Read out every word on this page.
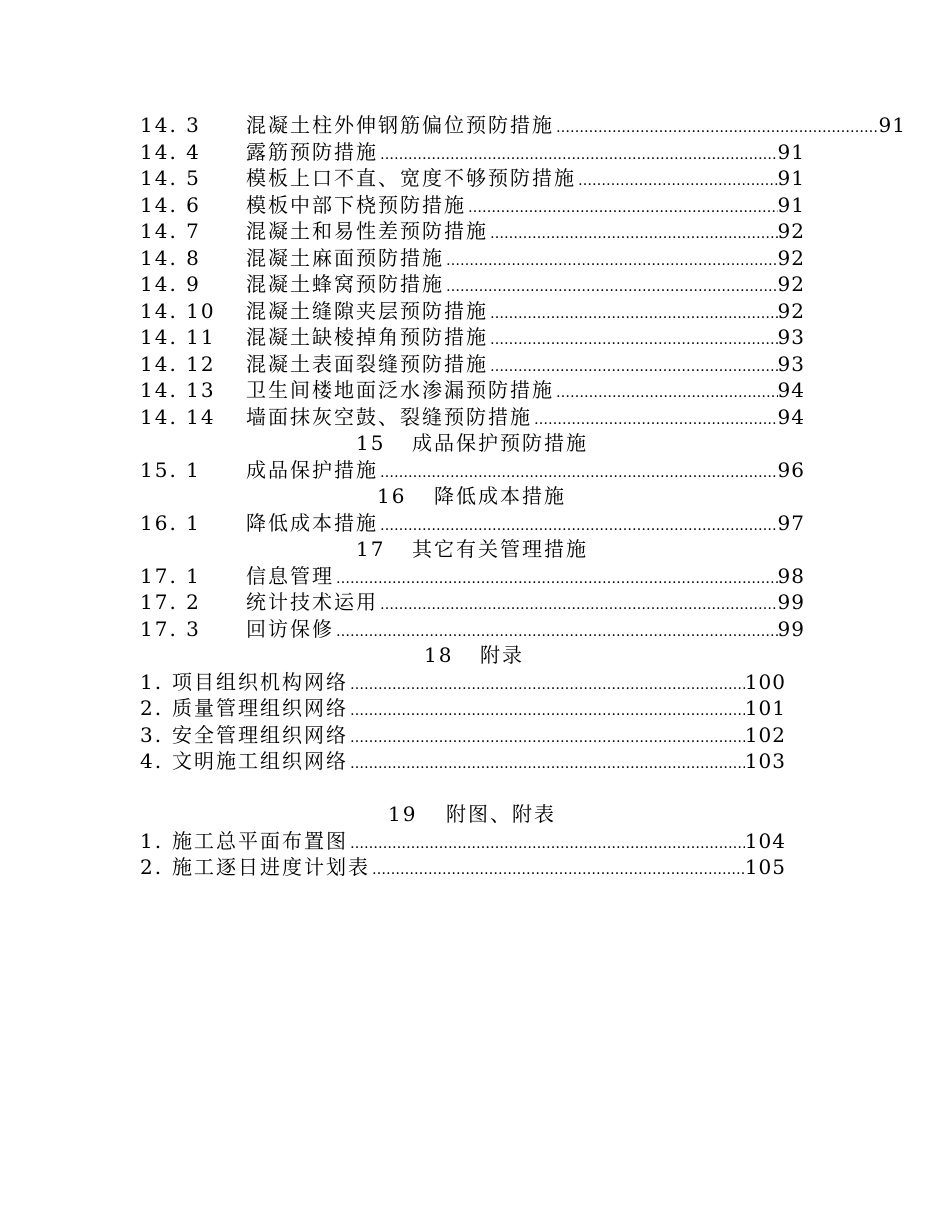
14. 3 混凝土柱外伸钢筋偏位预防措施 ……………………………………………………………………………………………………………………………………………………………………	91
14. 4 露筋预防措施 ……………………………………………………………………………………………………………………………………………………………………	91
14. 5 模板上口不直、宽度不够预防措施 ……………………………………………………………………………………………………………………………………………………………………	91
14. 6 模板中部下桡预防措施 ……………………………………………………………………………………………………………………………………………………………………	91
14. 7 混凝土和易性差预防措施 ……………………………………………………………………………………………………………………………………………………………………	92
14. 8 混凝土麻面预防措施 ……………………………………………………………………………………………………………………………………………………………………	92
14. 9 混凝土蜂窝预防措施 ……………………………………………………………………………………………………………………………………………………………………	92
14. 10 混凝土缝隙夹层预防措施 ……………………………………………………………………………………………………………………………………………………………………	92
14. 11 混凝土缺棱掉角预防措施 ……………………………………………………………………………………………………………………………………………………………………	93
14. 12 混凝土表面裂缝预防措施 ……………………………………………………………………………………………………………………………………………………………………	93
14. 13 卫生间楼地面泛水渗漏预防措施 ……………………………………………………………………………………………………………………………………………………………………	94
14. 14 墙面抹灰空鼓、裂缝预防措施 ……………………………………………………………………………………………………………………………………………………………………	94
15 成品保护预防措施
15. 1 成品保护措施 ……………………………………………………………………………………………………………………………………………………………………	96
16 降低成本措施
16. 1 降低成本措施 ……………………………………………………………………………………………………………………………………………………………………	97
17 其它有关管理措施
17. 1 信息管理 ……………………………………………………………………………………………………………………………………………………………………	98
17. 2 统计技术运用 ……………………………………………………………………………………………………………………………………………………………………	99
17. 3 回访保修 ……………………………………………………………………………………………………………………………………………………………………	99
18 附录
1. 项目组织机构网络 ……………………………………………………………………………………………………………………………………………………………………	100
2. 质量管理组织网络 ……………………………………………………………………………………………………………………………………………………………………	101
3. 安全管理组织网络 ……………………………………………………………………………………………………………………………………………………………………	102
4. 文明施工组织网络 ……………………………………………………………………………………………………………………………………………………………………	103
19 附图、附表
1. 施工总平面布置图 ……………………………………………………………………………………………………………………………………………………………………	104
2. 施工逐日进度计划表 ……………………………………………………………………………………………………………………………………………………………………	105
